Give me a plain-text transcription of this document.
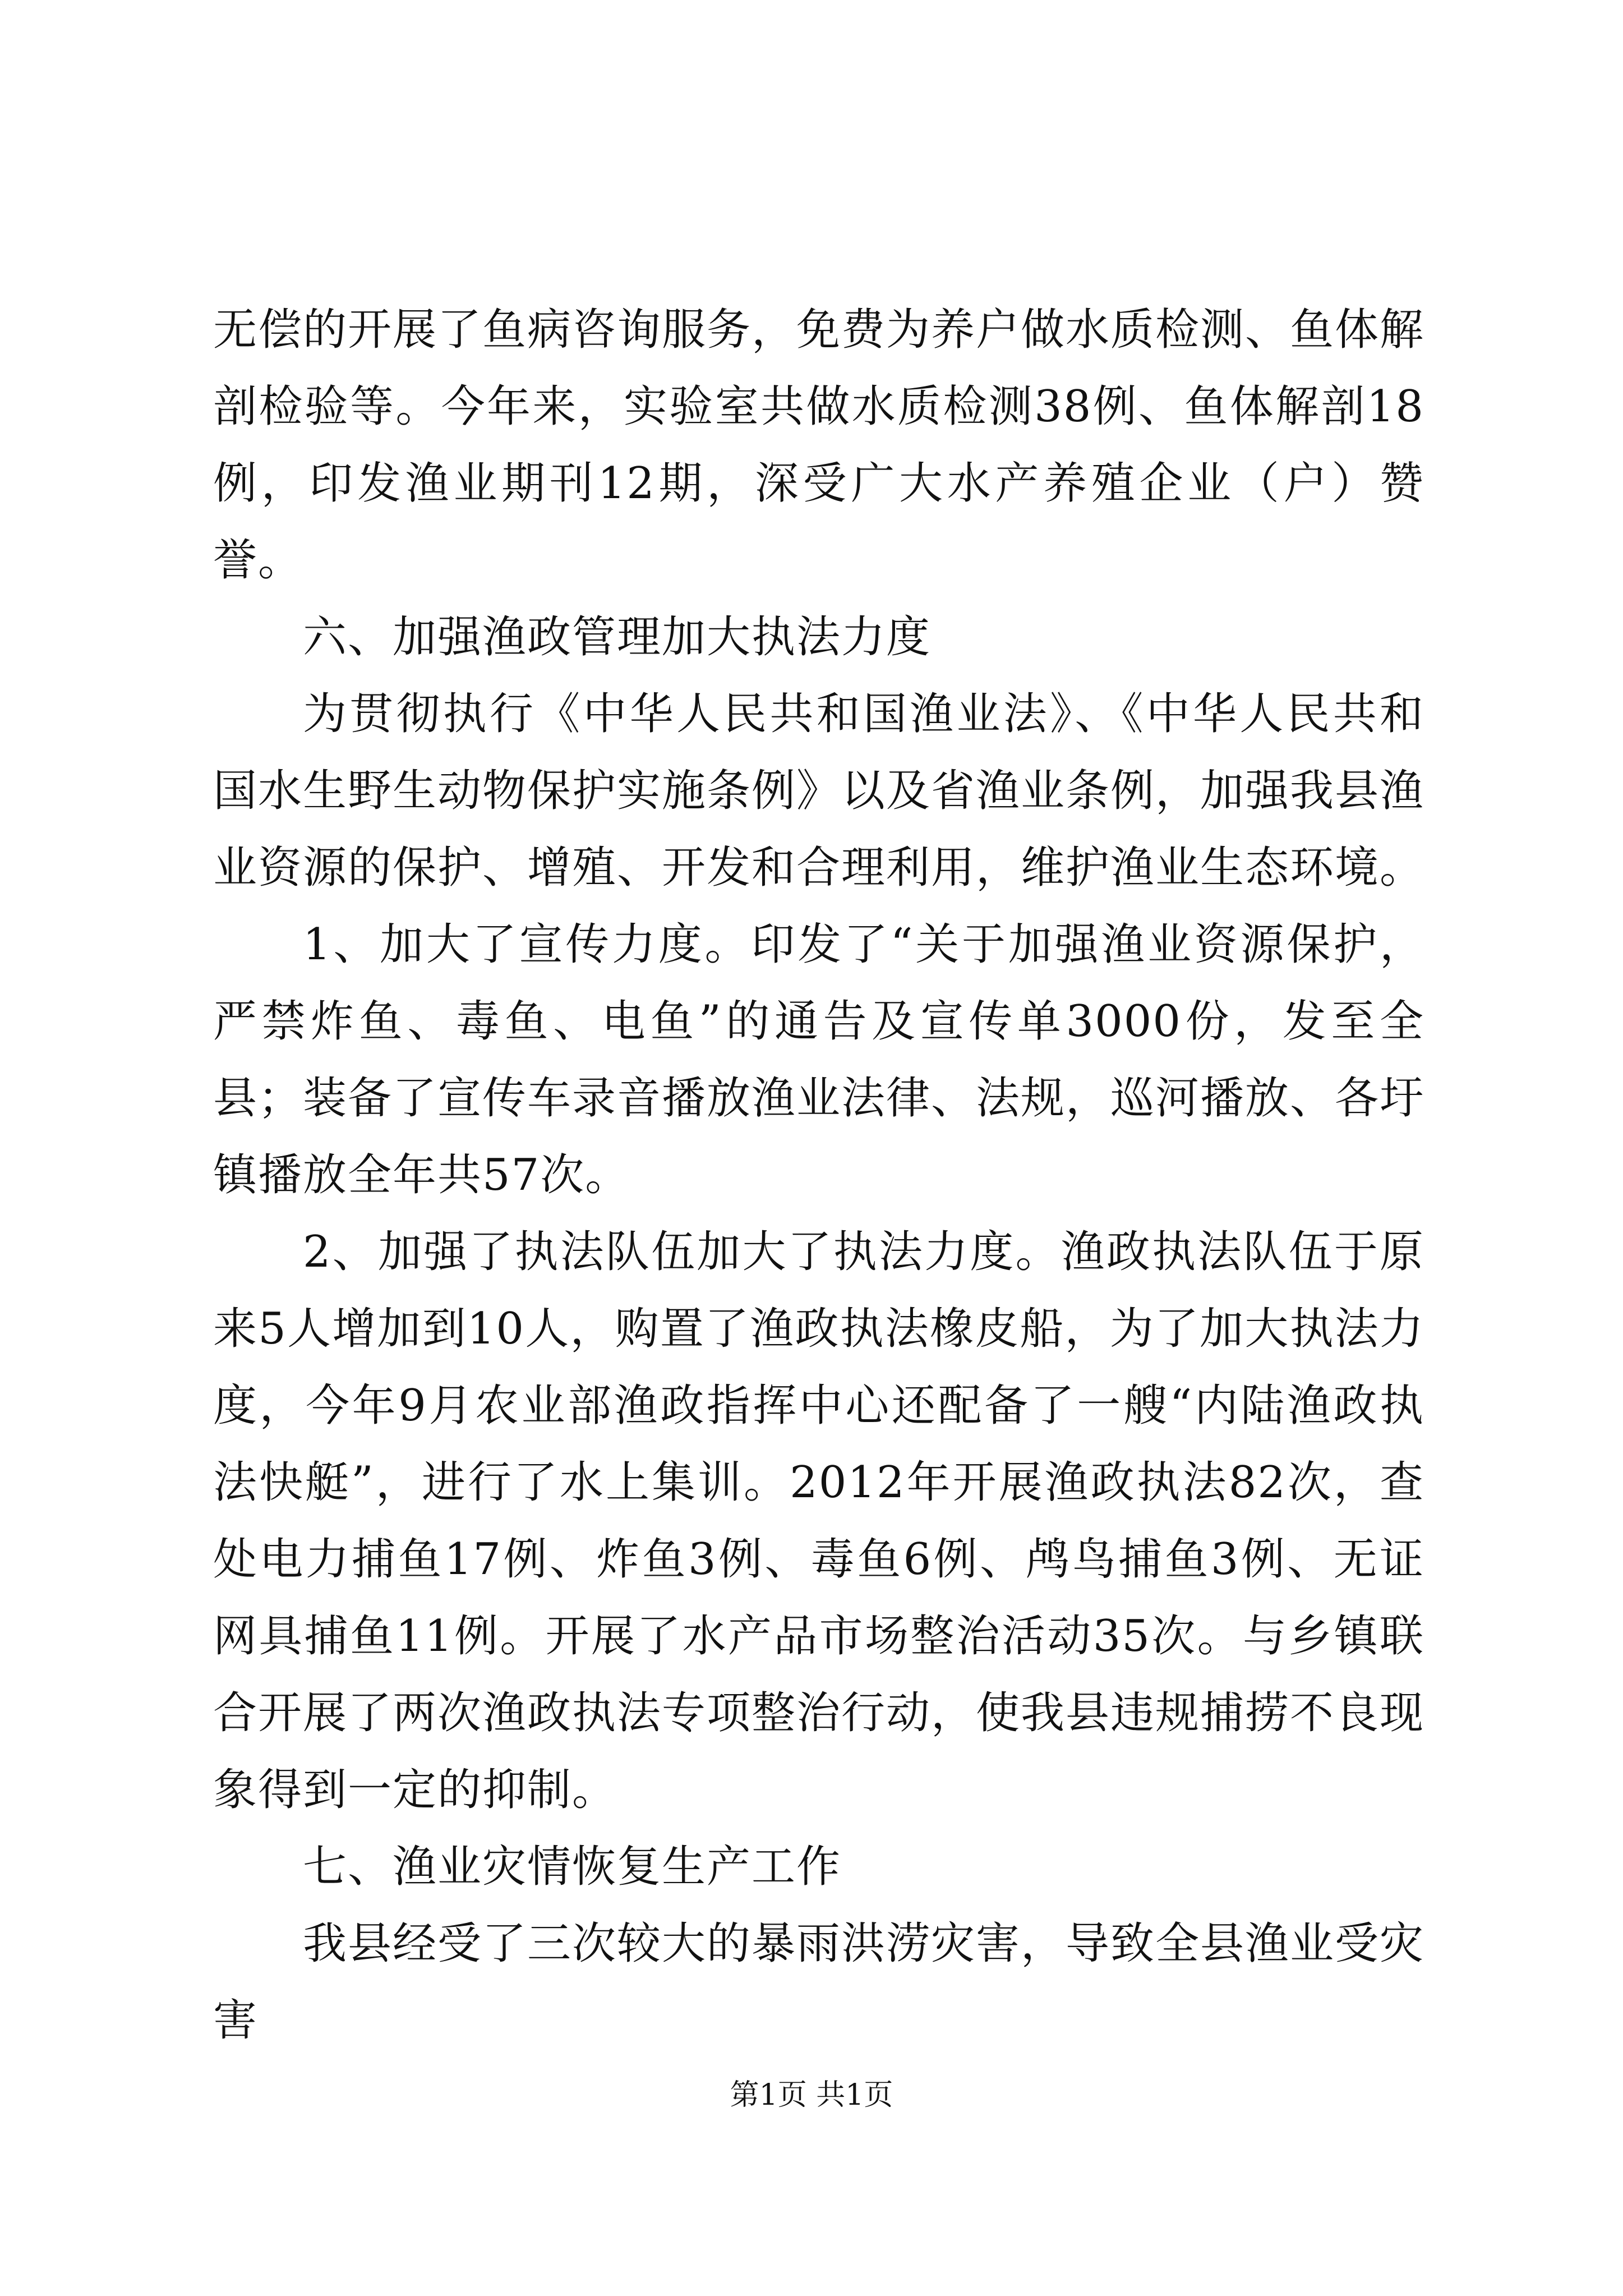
无偿的开展了鱼病咨询服务，免费为养户做水质检测、鱼体解剖检验等。今年来，实验室共做水质检测38例、鱼体解剖18例，印发渔业期刊12期，深受广大水产养殖企业（户）赞誉。

六、加强渔政管理加大执法力度

为贯彻执行《中华人民共和国渔业法》、《中华人民共和国水生野生动物保护实施条例》以及省渔业条例，加强我县渔业资源的保护、增殖、开发和合理利用，维护渔业生态环境。

1、加大了宣传力度。印发了“关于加强渔业资源保护，严禁炸鱼、毒鱼、电鱼”的通告及宣传单3000份，发至全县；装备了宣传车录音播放渔业法律、法规，巡河播放、各圩镇播放全年共57次。

2、加强了执法队伍加大了执法力度。渔政执法队伍于原来5人增加到10人，购置了渔政执法橡皮船，为了加大执法力度，今年9月农业部渔政指挥中心还配备了一艘“内陆渔政执法快艇”，进行了水上集训。2012年开展渔政执法82次，查处电力捕鱼17例、炸鱼3例、毒鱼6例、鸬鸟捕鱼3例、无证网具捕鱼11例。开展了水产品市场整治活动35次。与乡镇联合开展了两次渔政执法专项整治行动，使我县违规捕捞不良现象得到一定的抑制。

七、渔业灾情恢复生产工作

我县经受了三次较大的暴雨洪涝灾害，导致全县渔业受灾害

第1页 共1页
